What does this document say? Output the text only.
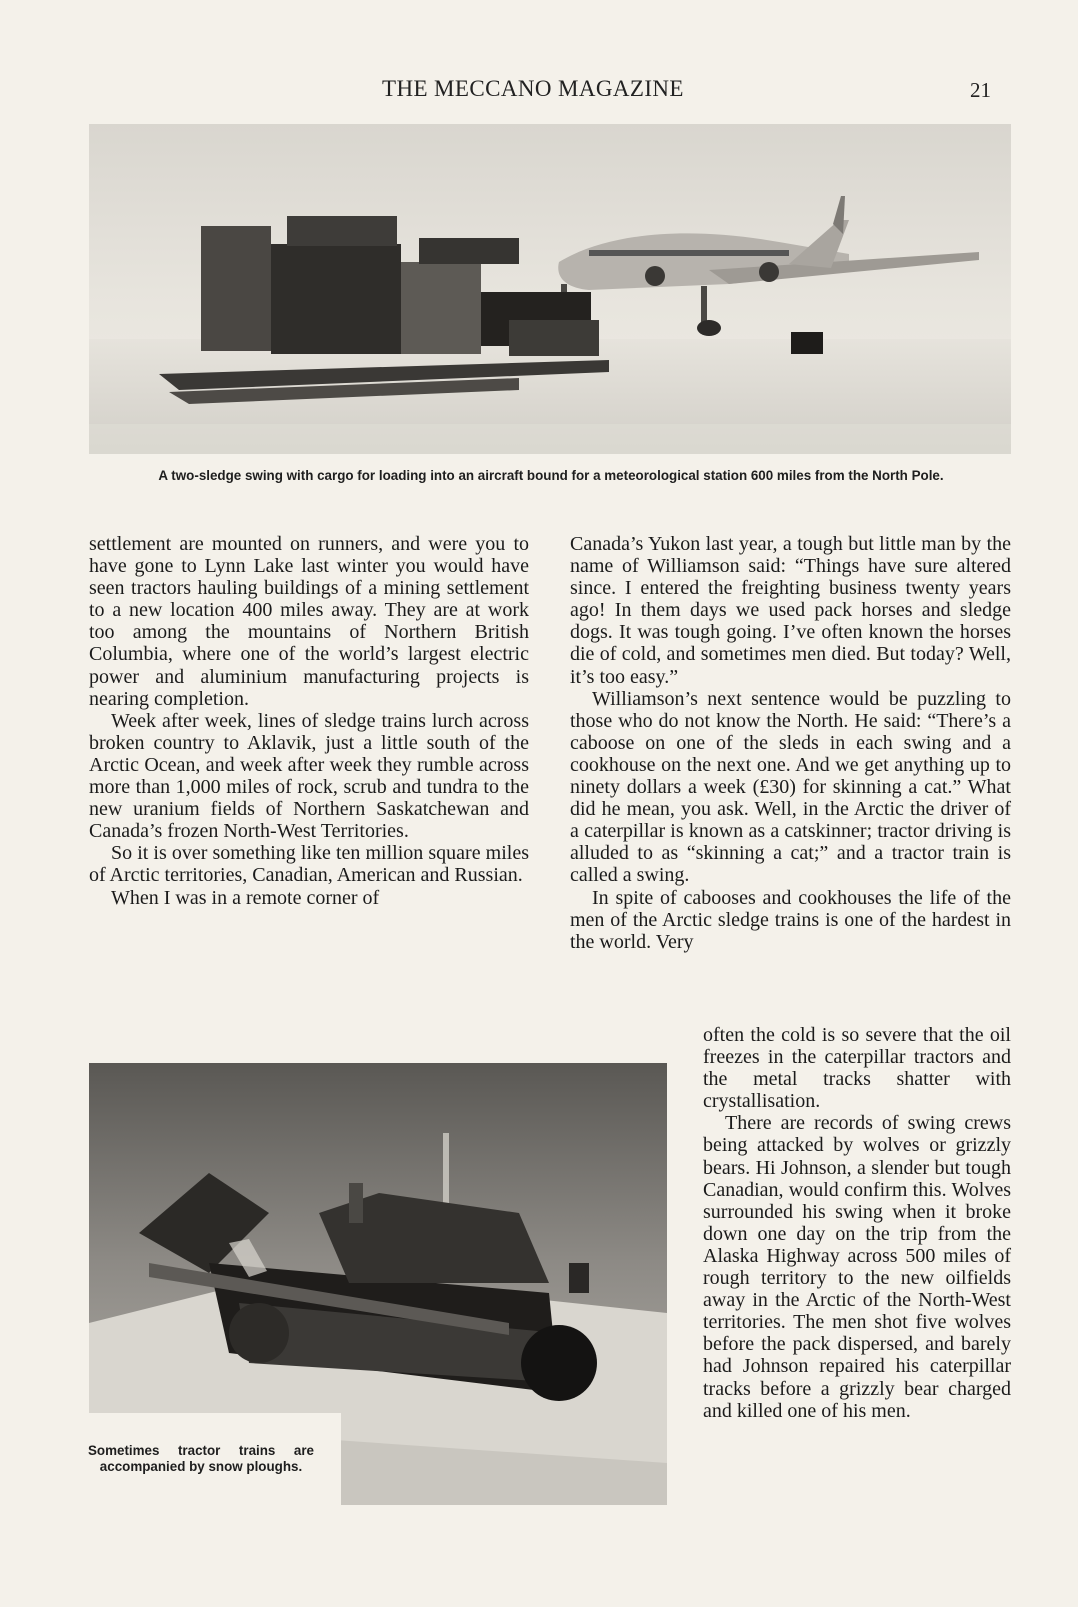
THE MECCANO MAGAZINE	21
A two-sledge swing with cargo for loading into an aircraft bound for a meteorological station 600 miles from the North Pole.

settlement are mounted on runners, and were you to have gone to Lynn Lake last winter you would have seen tractors hauling buildings of a mining settlement to a new location 400 miles away. They are at work too among the mountains of Northern British Columbia, where one of the world’s largest electric power and aluminium manufacturing projects is nearing completion.

Week after week, lines of sledge trains lurch across broken country to Aklavik, just a little south of the Arctic Ocean, and week after week they rumble across more than 1,000 miles of rock, scrub and tundra to the new uranium fields of Northern Saskatchewan and Canada’s frozen North-West Territories.

So it is over something like ten million square miles of Arctic territories, Canadian, American and Russian.

When I was in a remote corner of

Canada’s Yukon last year, a tough but little man by the name of Williamson said: “Things have sure altered since. I entered the freighting business twenty years ago! In them days we used pack horses and sledge dogs. It was tough going. I’ve often known the horses die of cold, and sometimes men died. But today? Well, it’s too easy.”

Williamson’s next sentence would be puzzling to those who do not know the North. He said: “There’s a caboose on one of the sleds in each swing and a cookhouse on the next one. And we get anything up to ninety dollars a week (£30) for skinning a cat.” What did he mean, you ask. Well, in the Arctic the driver of a caterpillar is known as a catskinner; tractor driving is alluded to as “skinning a cat;” and a tractor train is called a swing.

In spite of cabooses and cookhouses the life of the men of the Arctic sledge trains is one of the hardest in the world. Very

Sometimes tractor trains are accompanied by snow ploughs.

often the cold is so severe that the oil freezes in the caterpillar tractors and the metal tracks shatter with crystallisation.

There are records of swing crews being attacked by wolves or grizzly bears. Hi Johnson, a slender but tough Canadian, would confirm this. Wolves surrounded his swing when it broke down one day on the trip from the Alaska Highway across 500 miles of rough territory to the new oilfields away in the Arctic of the North-West territories. The men shot five wolves before the pack dispersed, and barely had Johnson repaired his caterpillar tracks before a grizzly bear charged and killed one of his men.
